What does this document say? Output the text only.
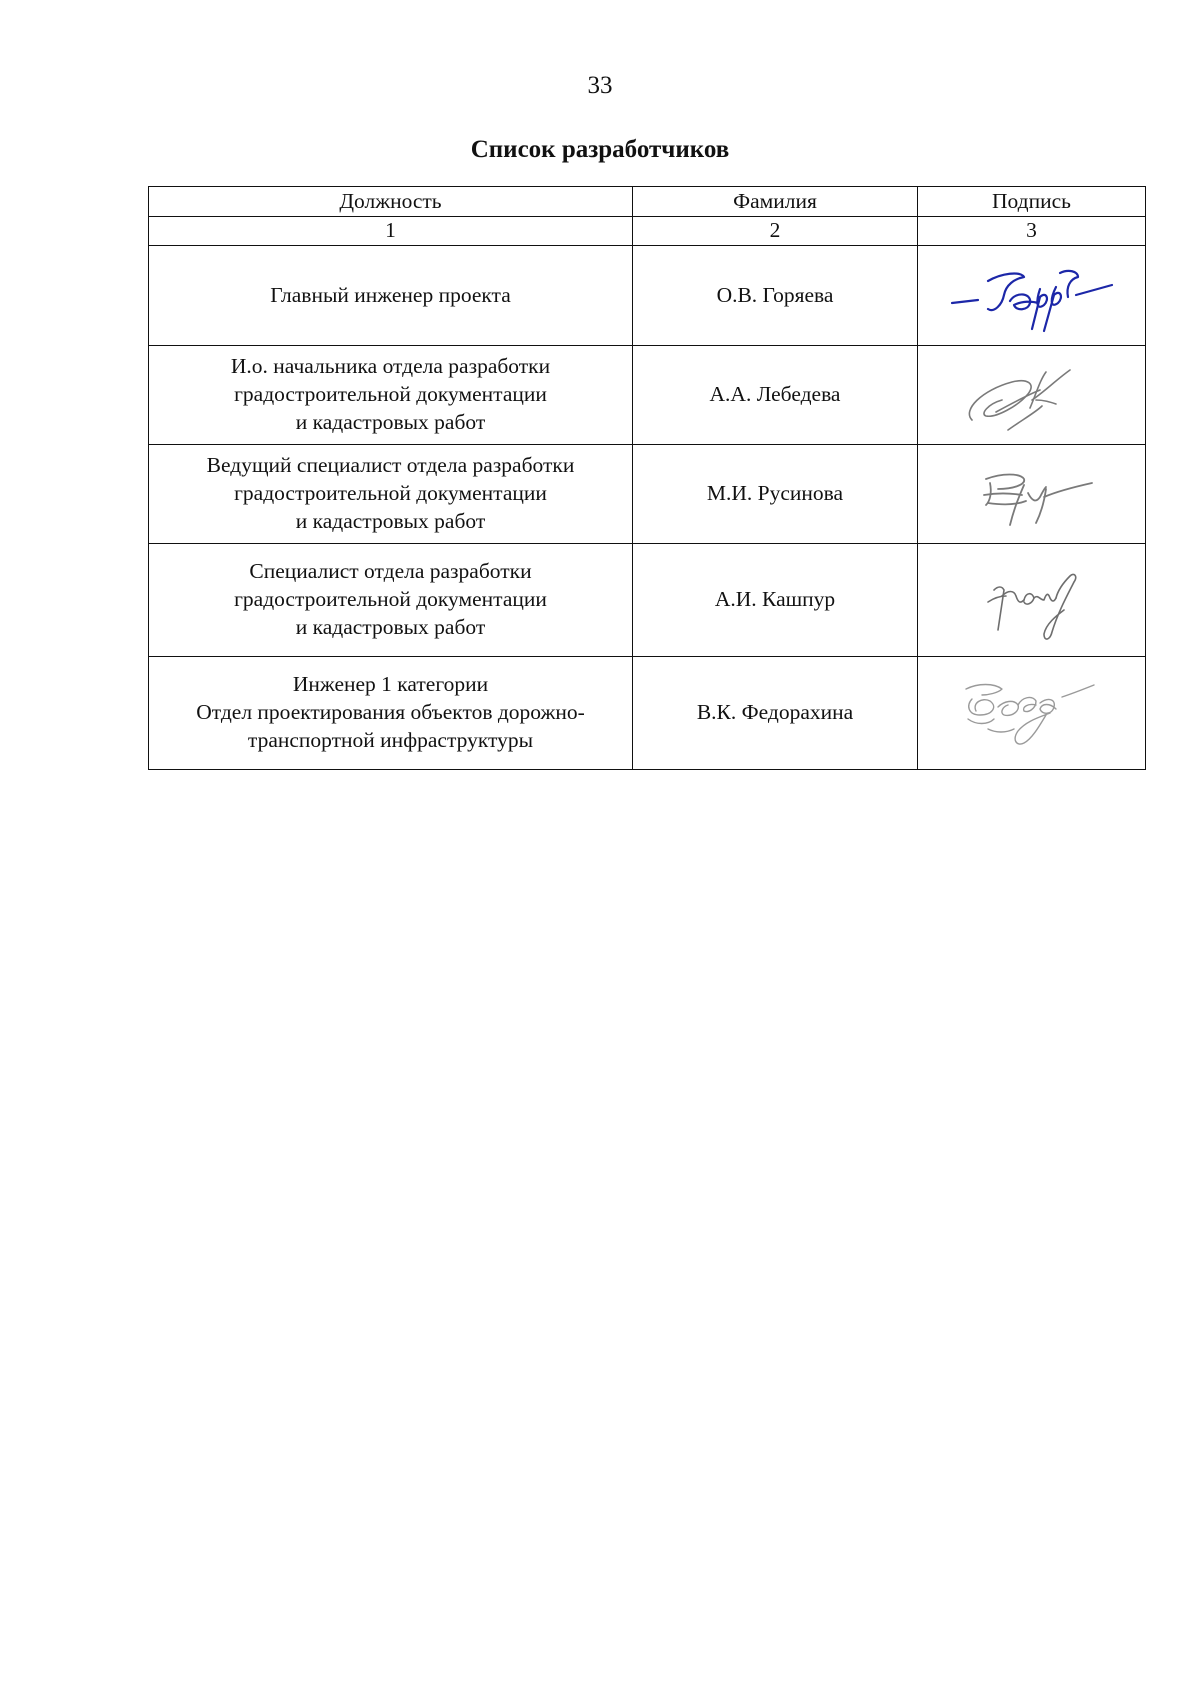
33
Список разработчиков
Должность	Фамилия	Подпись
1	2	3

Главный инженер проекта	О.В. Горяева	

И.о. начальника отдела разработки
градостроительной документации
и кадастровых работ	А.А. Лебедева	

Ведущий специалист отдела разработки
градостроительной документации
и кадастровых работ	М.И. Русинова	

Специалист отдела разработки
градостроительной документации
и кадастровых работ	А.И. Кашпур	

Инженер 1 категории
Отдел проектирования объектов дорожно-
транспортной инфраструктуры	В.К. Федорахина	
